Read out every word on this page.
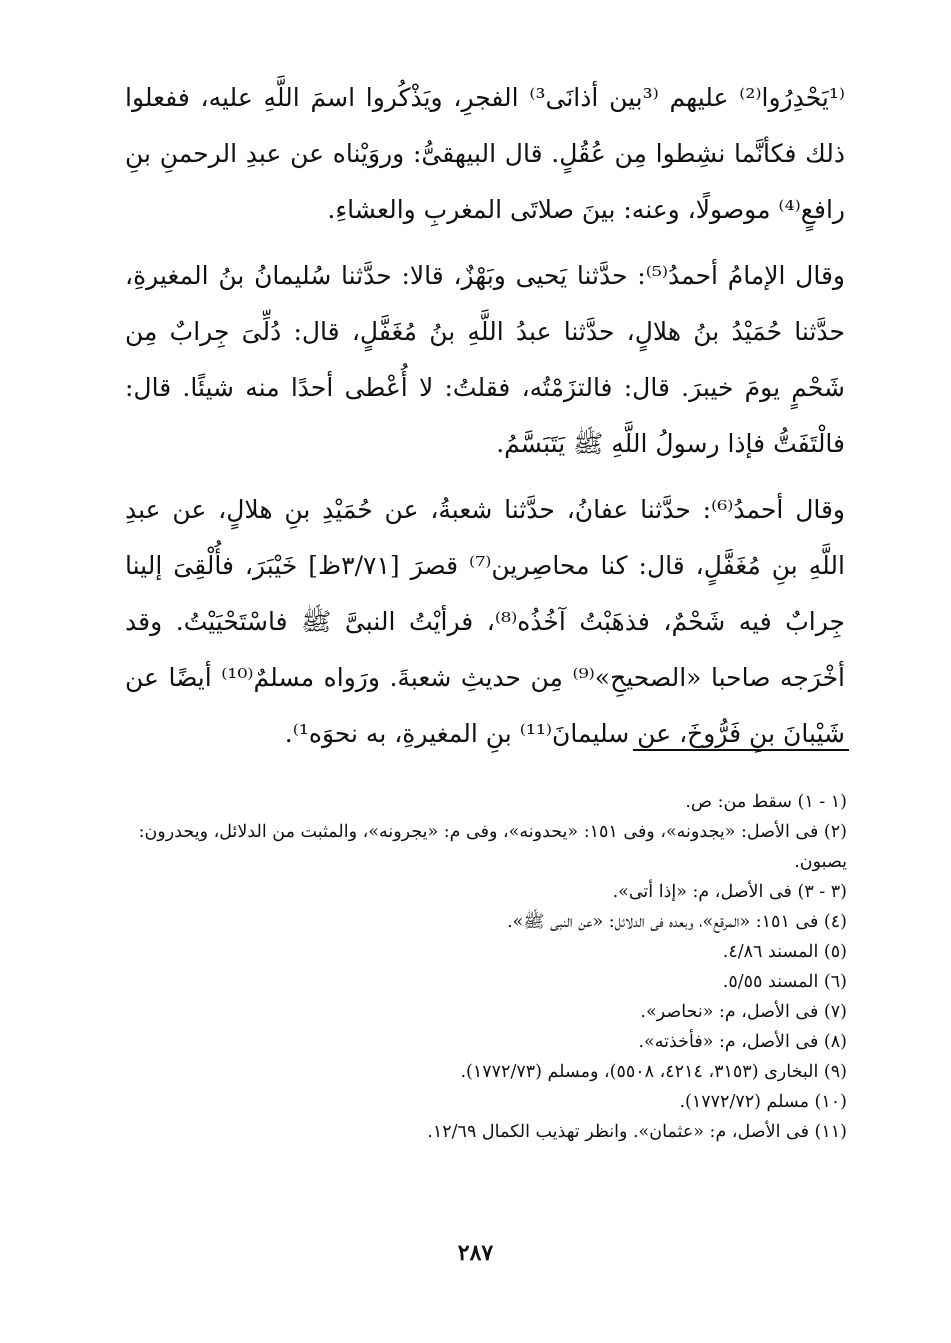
⁽¹يَحْدِرُوا⁽²⁾ عليهم ⁽³بين أذانَى³⁾ الفجرِ، ويَذْكُروا اسمَ اللَّهِ عليه، ففعلوا ذلك فكأنَّما نشِطوا مِن عُقُلٍ. قال البيهقىُّ: وروَيْناه عن عبدِ الرحمنِ بنِ رافعٍ⁽⁴⁾ موصولًا، وعنه: بينَ صلاتَى المغربِ والعشاءِ.

وقال الإمامُ أحمدُ⁽⁵⁾: حدَّثنا يَحيى وبَهْزٌ، قالا: حدَّثنا سُليمانُ بنُ المغيرةِ، حدَّثنا حُمَيْدُ بنُ هلالٍ، حدَّثنا عبدُ اللَّهِ بنُ مُغَفَّلٍ، قال: دُلِّىَ جِرابٌ مِن شَحْمٍ يومَ خيبرَ. قال: فالتزَمْتُه، فقلتُ: لا أُعْطى أحدًا منه شيئًا. قال: فالْتَفَتُّ فإذا رسولُ اللَّهِ ﷺ يَتَبَسَّمُ.

وقال أحمدُ⁽⁶⁾: حدَّثنا عفانُ، حدَّثنا شعبةُ، عن حُمَيْدِ بنِ هلالٍ، عن عبدِ اللَّهِ بنِ مُغَفَّلٍ، قال: كنا محاصِرين⁽⁷⁾ قصرَ [٣/٧١ظ] خَيْبَرَ، فأُلْقِىَ إلينا جِرابٌ فيه شَحْمٌ، فذهَبْتُ آخُذُه⁽⁸⁾، فرأيْتُ النبىَّ ﷺ فاسْتَحْيَيْتُ. وقد أخْرَجه صاحبا «الصحيحِ»⁽⁹⁾ مِن حديثِ شعبةَ. ورَواه مسلمٌ⁽¹⁰⁾ أيضًا عن شَيْبانَ بنِ فَرُّوخَ، عن سليمانَ⁽¹¹⁾ بنِ المغيرةِ، به نحوَه¹⁾.

(١ - ١) سقط من: ص.
(٢) فى الأصل: «يجدونه»، وفى ١٥١: «يحدونه»، وفى م: «يجرونه»، والمثبت من الدلائل، ويحدرون: يصبون.
(٣ - ٣) فى الأصل، م: «إذا أتى».
(٤) فى ١٥١: «المرقع»، وبعده فى الدلائل: «عن النبى ﷺ».
(٥) المسند ٤/٨٦.
(٦) المسند ٥/٥٥.
(٧) فى الأصل، م: «نحاصر».
(٨) فى الأصل، م: «فأخذته».
(٩) البخارى (٣١٥٣، ٤٢١٤، ٥٥٠٨)، ومسلم (١٧٧٢/٧٣).
(١٠) مسلم (١٧٧٢/٧٢).
(١١) فى الأصل، م: «عثمان». وانظر تهذيب الكمال ١٢/٦٩.
٢٨٧
